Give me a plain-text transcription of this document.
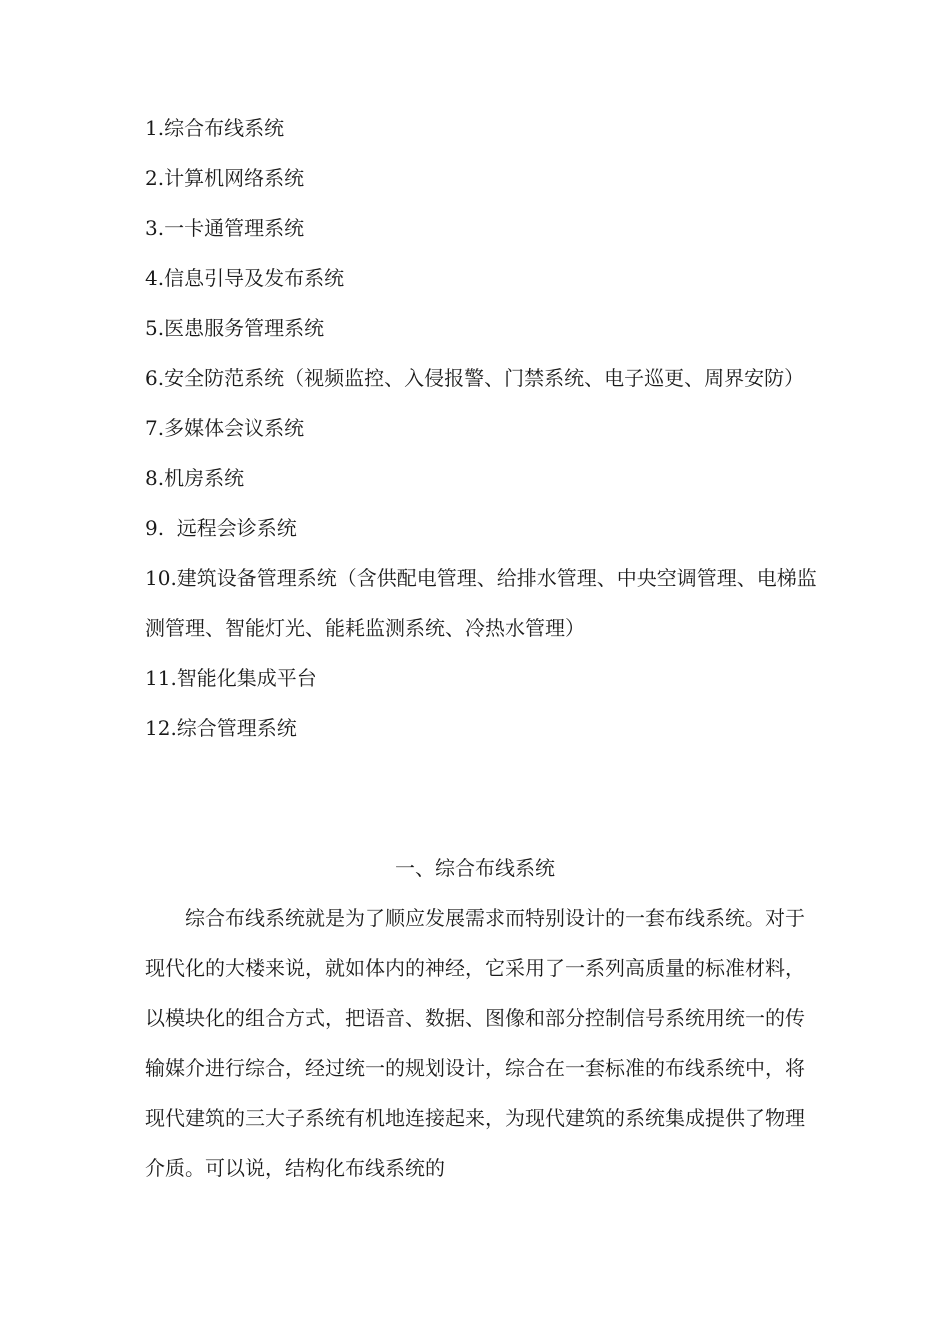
1.综合布线系统
2.计算机网络系统
3.一卡通管理系统
4.信息引导及发布系统
5.医患服务管理系统
6.安全防范系统（视频监控、入侵报警、门禁系统、电子巡更、周界安防）
7.多媒体会议系统
8.机房系统
9.  远程会诊系统
10.建筑设备管理系统（含供配电管理、给排水管理、中央空调管理、电梯监测管理、智能灯光、能耗监测系统、冷热水管理）
11.智能化集成平台
12.综合管理系统
一、综合布线系统

综合布线系统就是为了顺应发展需求而特别设计的一套布线系统。对于现代化的大楼来说，就如体内的神经，它采用了一系列高质量的标准材料，以模块化的组合方式，把语音、数据、图像和部分控制信号系统用统一的传输媒介进行综合，经过统一的规划设计，综合在一套标准的布线系统中，将现代建筑的三大子系统有机地连接起来，为现代建筑的系统集成提供了物理介质。可以说，结构化布线系统的
